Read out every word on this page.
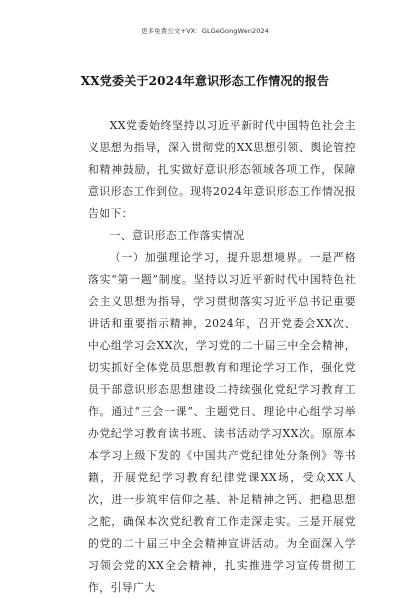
更多免费公文+VX：GLGeGongWen2024
XX党委关于2024年意识形态工作情况的报告

XX党委始终坚持以习近平新时代中国特色社会主义思想为指导，深入贯彻党的XX思想引领、舆论管控和精神鼓励，扎实做好意识形态领域各项工作，保障意识形态工作到位。现将2024年意识形态工作情况报告如下：

一、意识形态工作落实情况

（一）加强理论学习，提升思想境界。一是严格落实“第一题”制度。坚持以习近平新时代中国特色社会主义思想为指导，学习贯彻落实习近平总书记重要讲话和重要指示精神，2024年，召开党委会XX次、中心组学习会XX次，学习党的二十届三中全会精神，切实抓好全体党员思想教育和理论学习工作，强化党员干部意识形态思想建设二持续强化党纪学习教育工作。通过“三会一课”、主题党日、理论中心组学习举办党纪学习教育读书班、读书活动学习XX次。原原本本学习上级下发的《中国共产党纪律处分条例》等书籍，开展党纪学习教育纪律党课XX场，受众XX人次，进一步筑牢信仰之基、补足精神之钙、把稳思想之舵，确保本次党纪教育工作走深走实。三是开展党的党的二十届三中全会精神宣讲活动。为全面深入学习领会党的XX全会精神，扎实推进学习宣传贯彻工作，引导广大
